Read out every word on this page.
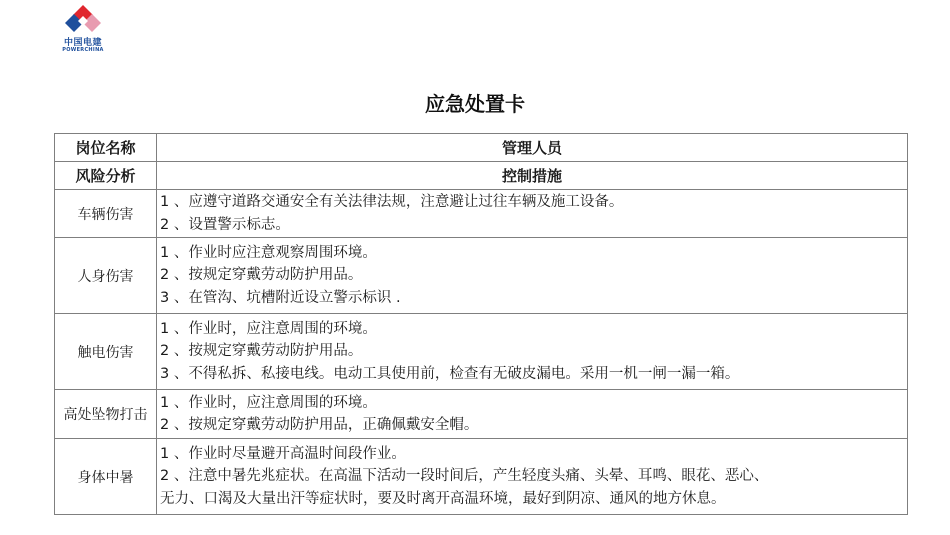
中国电建
POWERCHINA
应急处置卡
岗位名称	管理人员
风险分析	控制措施
车辆伤害	1 、应遵守道路交通安全有关法律法规，注意避让过往车辆及施工设备。
2 、设置警示标志。

人身伤害	1 、作业时应注意观察周围环境。
2 、按规定穿戴劳动防护用品。
3 、在管沟、坑槽附近设立警示标识 .

触电伤害	1 、作业时，应注意周围的环境。
2 、按规定穿戴劳动防护用品。
3 、不得私拆、私接电线。电动工具使用前，检查有无破皮漏电。采用一机一闸一漏一箱。

高处坠物打击	1 、作业时，应注意周围的环境。
2 、按规定穿戴劳动防护用品，正确佩戴安全帽。

身体中暑	1 、作业时尽量避开高温时间段作业。
2 、注意中暑先兆症状。在高温下活动一段时间后，产生轻度头痛、头晕、耳鸣、眼花、恶心、
无力、口渴及大量出汗等症状时，要及时离开高温环境，最好到阴凉、通风的地方休息。
